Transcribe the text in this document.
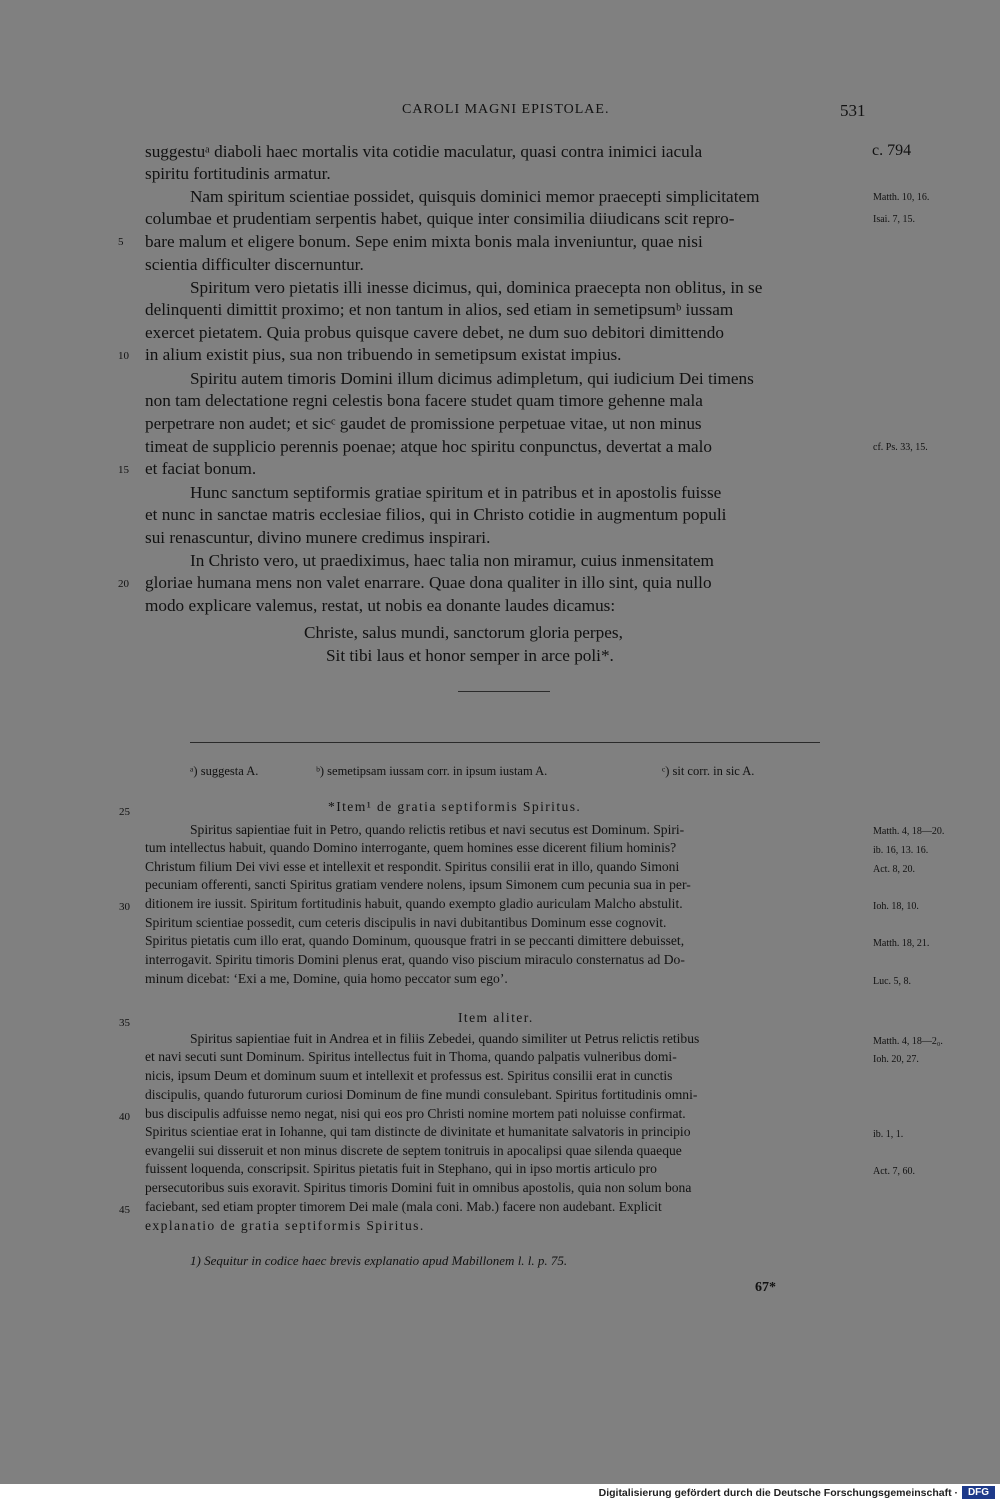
CAROLI MAGNI EPISTOLAE.	531
suggestuᵃ diaboli haec mortalis vita cotidie maculatur, quasi contra inimici iacula	c. 794
spiritu fortitudinis armatur.
Nam spiritum scientiae possidet, quisquis dominici memor praecepti simplicitatem	Matth. 10, 16.
columbae et prudentiam serpentis habet, quique inter consimilia diiudicans scit repro-	Isai. 7, 15.
5 bare malum et eligere bonum. Sepe enim mixta bonis mala inveniuntur, quae nisi
scientia difficulter discernuntur.
Spiritum vero pietatis illi inesse dicimus, qui, dominica praecepta non oblitus, in se
delinquenti dimittit proximo; et non tantum in alios, sed etiam in semetipsumᵇ iussam
exercet pietatem. Quia probus quisque cavere debet, ne dum suo debitori dimittendo
10 in alium existit pius, sua non tribuendo in semetipsum existat impius.
Spiritu autem timoris Domini illum dicimus adimpletum, qui iudicium Dei timens
non tam delectatione regni celestis bona facere studet quam timore gehenne mala
perpetrare non audet; et sicᶜ gaudet de promissione perpetuae vitae, ut non minus
timeat de supplicio perennis poenae; atque hoc spiritu conpunctus, devertat a malo	cf. Ps. 33, 15.
15 et faciat bonum.
Hunc sanctum septiformis gratiae spiritum et in patribus et in apostolis fuisse
et nunc in sanctae matris ecclesiae filios, qui in Christo cotidie in augmentum populi
sui renascuntur, divino munere credimus inspirari.
In Christo vero, ut praediximus, haec talia non miramur, cuius inmensitatem
20 gloriae humana mens non valet enarrare. Quae dona qualiter in illo sint, quia nullo
modo explicare valemus, restat, ut nobis ea donante laudes dicamus:
Christe, salus mundi, sanctorum gloria perpes,
Sit tibi laus et honor semper in arce poli*.
ᵃ) suggesta A.	ᵇ) semetipsam iussam corr. in ipsum iustam A.	ᶜ) sit corr. in sic A.
25	*Item¹ de gratia septiformis Spiritus.
Spiritus sapientiae fuit in Petro, quando relictis retibus et navi secutus est Dominum. Spiri-	Matth. 4, 18—20.
tum intellectus habuit, quando Domino interrogante, quem homines esse dicerent filium hominis?	ib. 16, 13. 16.
Christum filium Dei vivi esse et intellexit et respondit. Spiritus consilii erat in illo, quando Simoni	Act. 8, 20.
pecuniam offerenti, sancti Spiritus gratiam vendere nolens, ipsum Simonem cum pecunia sua in per-
30 ditionem ire iussit. Spiritum fortitudinis habuit, quando exempto gladio auriculam Malcho abstulit.	Ioh. 18, 10.
Spiritum scientiae possedit, cum ceteris discipulis in navi dubitantibus Dominum esse cognovit.
Spiritus pietatis cum illo erat, quando Dominum, quousque fratri in se peccanti dimittere debuisset,	Matth. 18, 21.
interrogavit. Spiritu timoris Domini plenus erat, quando viso piscium miraculo consternatus ad Do-
minum dicebat: ‘Exi a me, Domine, quia homo peccator sum ego’.	Luc. 5, 8.
35	Item aliter.
Spiritus sapientiae fuit in Andrea et in filiis Zebedei, quando similiter ut Petrus relictis retibus	Matth. 4, 18—2₀.
et navi secuti sunt Dominum. Spiritus intellectus fuit in Thoma, quando palpatis vulneribus domi-	Ioh. 20, 27.
nicis, ipsum Deum et dominum suum et intellexit et professus est. Spiritus consilii erat in cunctis
discipulis, quando futurorum curiosi Dominum de fine mundi consulebant. Spiritus fortitudinis omni-
40 bus discipulis adfuisse nemo negat, nisi qui eos pro Christi nomine mortem pati noluisse confirmat.
Spiritus scientiae erat in Iohanne, qui tam distincte de divinitate et humanitate salvatoris in principio	ib. 1, 1.
evangelii sui disseruit et non minus discrete de septem tonitruis in apocalipsi quae silenda quaeque
fuissent loquenda, conscripsit. Spiritus pietatis fuit in Stephano, qui in ipso mortis articulo pro	Act. 7, 60.
persecutoribus suis exoravit. Spiritus timoris Domini fuit in omnibus apostolis, quia non solum bona
45 faciebant, sed etiam propter timorem Dei male (mala coni. Mab.) facere non audebant. Explicit
explanatio de gratia septiformis Spiritus.
1) Sequitur in codice haec brevis explanatio apud Mabillonem l. l. p. 75.
67*
Digitalisierung gefördert durch die Deutsche Forschungsgemeinschaft · DFG
